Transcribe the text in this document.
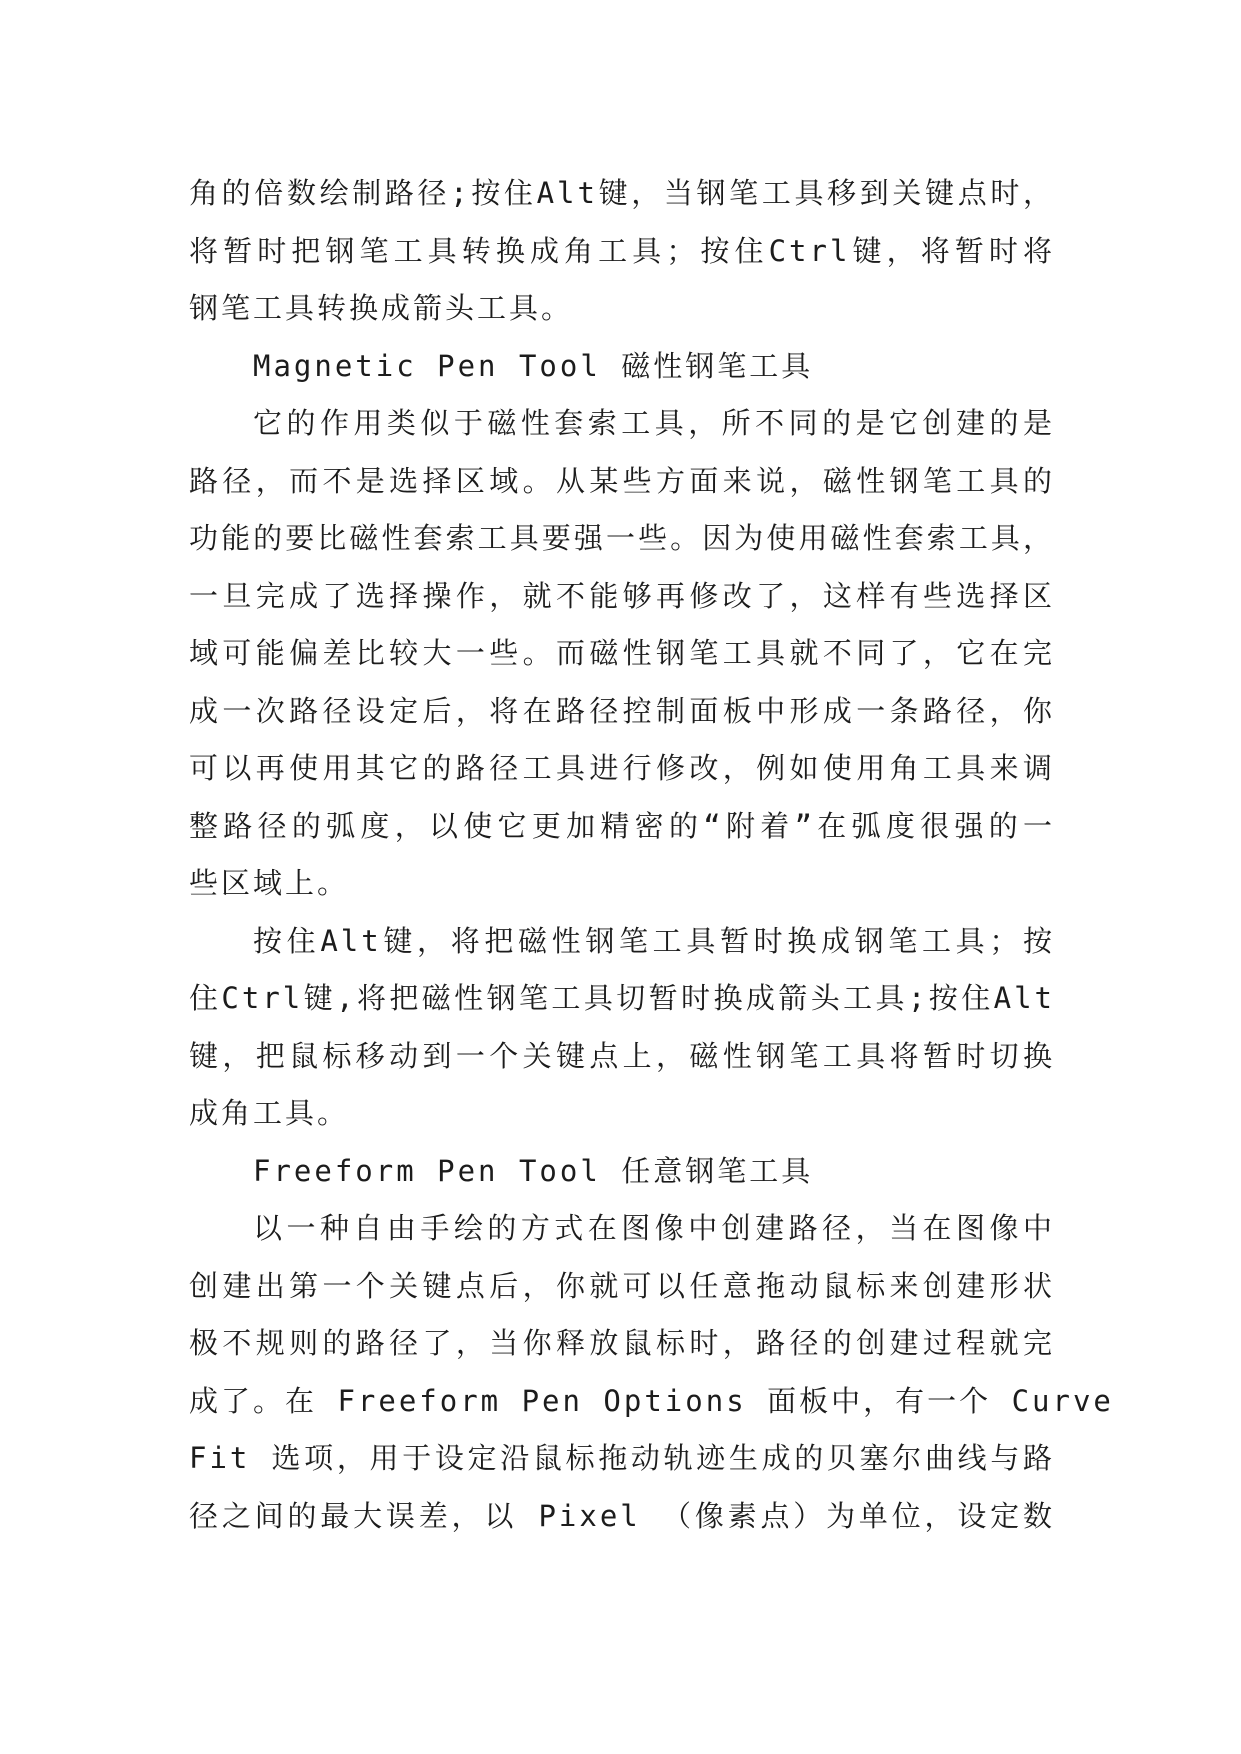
角的倍数绘制路径;按住Alt键，当钢笔工具移到关键点时，
将暂时把钢笔工具转换成角工具；按住Ctrl键，将暂时将
钢笔工具转换成箭头工具。
Magnetic Pen Tool 磁性钢笔工具
它的作用类似于磁性套索工具，所不同的是它创建的是
路径，而不是选择区域。从某些方面来说，磁性钢笔工具的
功能的要比磁性套索工具要强一些。因为使用磁性套索工具，
一旦完成了选择操作，就不能够再修改了，这样有些选择区
域可能偏差比较大一些。而磁性钢笔工具就不同了，它在完
成一次路径设定后，将在路径控制面板中形成一条路径，你
可以再使用其它的路径工具进行修改，例如使用角工具来调
整路径的弧度，以使它更加精密的“附着”在弧度很强的一
些区域上。
按住Alt键，将把磁性钢笔工具暂时换成钢笔工具；按
住Ctrl键,将把磁性钢笔工具切暂时换成箭头工具;按住Alt
键，把鼠标移动到一个关键点上，磁性钢笔工具将暂时切换
成角工具。
Freeform Pen Tool 任意钢笔工具
以一种自由手绘的方式在图像中创建路径，当在图像中
创建出第一个关键点后，你就可以任意拖动鼠标来创建形状
极不规则的路径了，当你释放鼠标时，路径的创建过程就完
成了。在 Freeform Pen Options 面板中，有一个 Curve
Fit 选项，用于设定沿鼠标拖动轨迹生成的贝塞尔曲线与路
径之间的最大误差，以 Pixel （像素点）为单位，设定数
